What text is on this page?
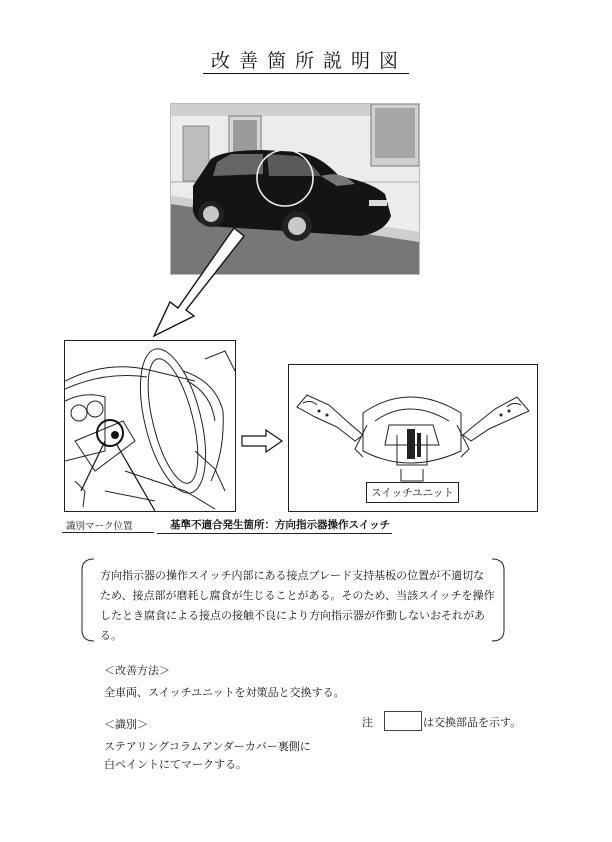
改善箇所説明図
スイッチユニット
識別マーク位置	基準不適合発生箇所：方向指示器操作スイッチ

方向指示器の操作スイッチ内部にある接点ブレード支持基板の位置が不適切な

ため、接点部が磨耗し腐食が生じることがある。そのため、当該スイッチを操作

したとき腐食による接点の接触不良により方向指示器が作動しないおそれがあ

る。

＜改善方法＞
全車両、スイッチユニットを対策品と交換する。
＜識別＞
ステアリングコラムアンダーカバー裏側に
白ペイントにてマークする。
注	は交換部品を示す。
